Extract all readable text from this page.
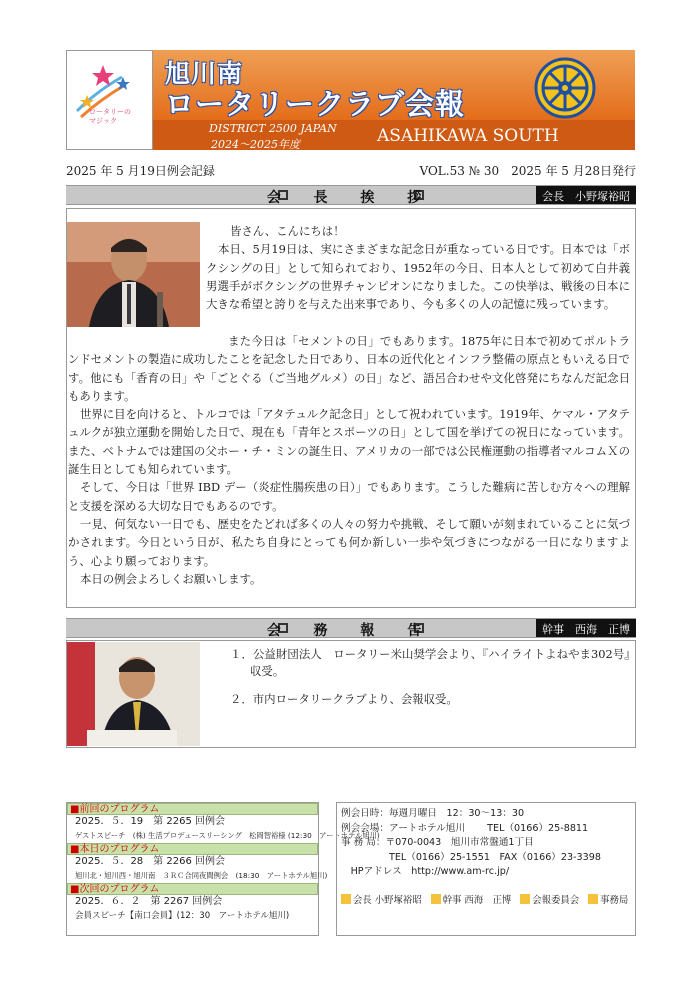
ロータリーの
マジック
旭川南
ロータリークラブ会報
DISTRICT 2500 JAPAN
2024〜2025年度	ASAHIKAWA SOUTH
2025 年 5 月19日例会記録	VOL.53 № 30　2025 年 5 月28日発行
会 長 挨 拶	会長　小野塚裕昭

皆さん、こんにちは！

本日、5月19日は、実にさまざまな記念日が重なっている日です。日本では「ボクシングの日」として知られており、1952年の今日、日本人として初めて白井義男選手がボクシングの世界チャンピオンになりました。この快挙は、戦後の日本に大きな希望と誇りを与えた出来事であり、今も多くの人の記憶に残っています。

また今日は「セメントの日」でもあります。1875年に日本で初めてポルトランドセメントの製造に成功したことを記念した日であり、日本の近代化とインフラ整備の原点ともいえる日です。他にも「香育の日」や「ごとぐる（ご当地グルメ）の日」など、語呂合わせや文化啓発にちなんだ記念日もあります。

世界に目を向けると、トルコでは「アタテュルク記念日」として祝われています。1919年、ケマル・アタテュルクが独立運動を開始した日で、現在も「青年とスポーツの日」として国を挙げての祝日になっています。また、ベトナムでは建国の父ホー・チ・ミンの誕生日、アメリカの一部では公民権運動の指導者マルコムＸの誕生日としても知られています。

そして、今日は「世界 IBD デー（炎症性腸疾患の日）」でもあります。こうした難病に苦しむ方々への理解と支援を深める大切な日でもあるのです。

一見、何気ない一日でも、歴史をたどれば多くの人々の努力や挑戦、そして願いが刻まれていることに気づかされます。今日という日が、私たち自身にとっても何か新しい一歩や気づきにつながる一日になりますよう、心より願っております。

本日の例会よろしくお願いします。

会 務 報 告	幹事　西海　正博

１．公益財団法人　ロータリー米山奨学会より、『ハイライトよねやま302号』収受。

２．市内ロータリークラブより、会報収受。

■前回のプログラム
2025．５．19　第 2265 回例会
ゲストスピーチ　(株) 生活プロデュースリーシング　松岡智裕様 (12:30　アートホテル旭川)
■本日のプログラム
2025．５．28　第 2266 回例会
旭川北・旭川西・旭川南　３ＲＣ合同夜間例会　(18:30　アートホテル旭川)
■次回のプログラム
2025．６．２　第 2267 回例会
会員スピーチ【南口会員】(12：30　アートホテル旭川)
例会日時：毎週月曜日　12：30〜13：30
例会会場：アートホテル旭川　　 TEL（0166）25-8811
事 務 局：〒070-0043　旭川市常盤通1丁目
　　　　　TEL（0166）25-1551　FAX（0166）23-3398
　HPアドレス　http://www.am-rc.jp/
会長 小野塚裕昭 幹事 西海　正博 会報委員会 事務局
